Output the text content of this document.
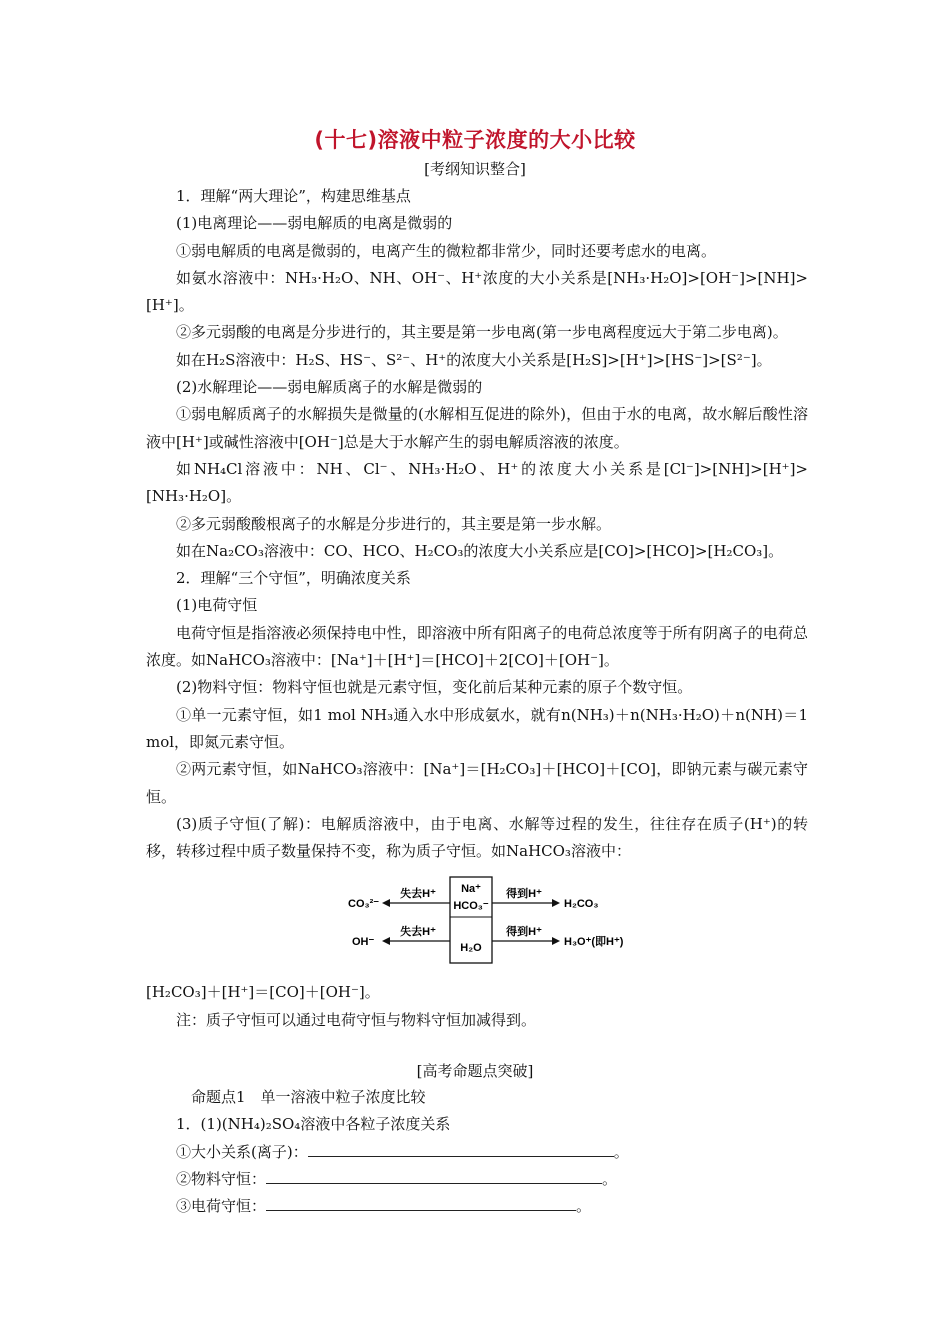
(十七)溶液中粒子浓度的大小比较
[考纲知识整合]

1．理解“两大理论”，构建思维基点

(1)电离理论——弱电解质的电离是微弱的

①弱电解质的电离是微弱的，电离产生的微粒都非常少，同时还要考虑水的电离。

如氨水溶液中：NH₃·H₂O、NH、OH⁻、H⁺浓度的大小关系是[NH₃·H₂O]>[OH⁻]>[NH]>[H⁺]。

②多元弱酸的电离是分步进行的，其主要是第一步电离(第一步电离程度远大于第二步电离)。

如在H₂S溶液中：H₂S、HS⁻、S²⁻、H⁺的浓度大小关系是[H₂S]>[H⁺]>[HS⁻]>[S²⁻]。

(2)水解理论——弱电解质离子的水解是微弱的

①弱电解质离子的水解损失是微量的(水解相互促进的除外)，但由于水的电离，故水解后酸性溶液中[H⁺]或碱性溶液中[OH⁻]总是大于水解产生的弱电解质溶液的浓度。

如NH₄Cl溶液中：NH、Cl⁻、NH₃·H₂O、H⁺的浓度大小关系是[Cl⁻]>[NH]>[H⁺]>[NH₃·H₂O]。

②多元弱酸酸根离子的水解是分步进行的，其主要是第一步水解。

如在Na₂CO₃溶液中：CO、HCO、H₂CO₃的浓度大小关系应是[CO]>[HCO]>[H₂CO₃]。

2．理解“三个守恒”，明确浓度关系

(1)电荷守恒

电荷守恒是指溶液必须保持电中性，即溶液中所有阳离子的电荷总浓度等于所有阴离子的电荷总浓度。如NaHCO₃溶液中：[Na⁺]＋[H⁺]＝[HCO]＋2[CO]＋[OH⁻]。

(2)物料守恒：物料守恒也就是元素守恒，变化前后某种元素的原子个数守恒。

①单一元素守恒，如1 mol NH₃通入水中形成氨水，就有n(NH₃)＋n(NH₃·H₂O)＋n(NH)＝1 mol，即氮元素守恒。

②两元素守恒，如NaHCO₃溶液中：[Na⁺]＝[H₂CO₃]＋[HCO]＋[CO]，即钠元素与碳元素守恒。

(3)质子守恒(了解)：电解质溶液中，由于电离、水解等过程的发生，往往存在质子(H⁺)的转移，转移过程中质子数量保持不变，称为质子守恒。如NaHCO₃溶液中：

Na⁺
HCO₃⁻
H₂O
失去H⁺
CO₃²⁻
失去H⁺
OH⁻
得到H⁺
H₂CO₃
得到H⁺
H₃O⁺(即H⁺)

[H₂CO₃]＋[H⁺]＝[CO]＋[OH⁻]。

注：质子守恒可以通过电荷守恒与物料守恒加减得到。

[高考命题点突破]

命题点1　单一溶液中粒子浓度比较

1．(1)(NH₄)₂SO₄溶液中各粒子浓度关系

①大小关系(离子)：	。

②物料守恒：	。

③电荷守恒：	。
